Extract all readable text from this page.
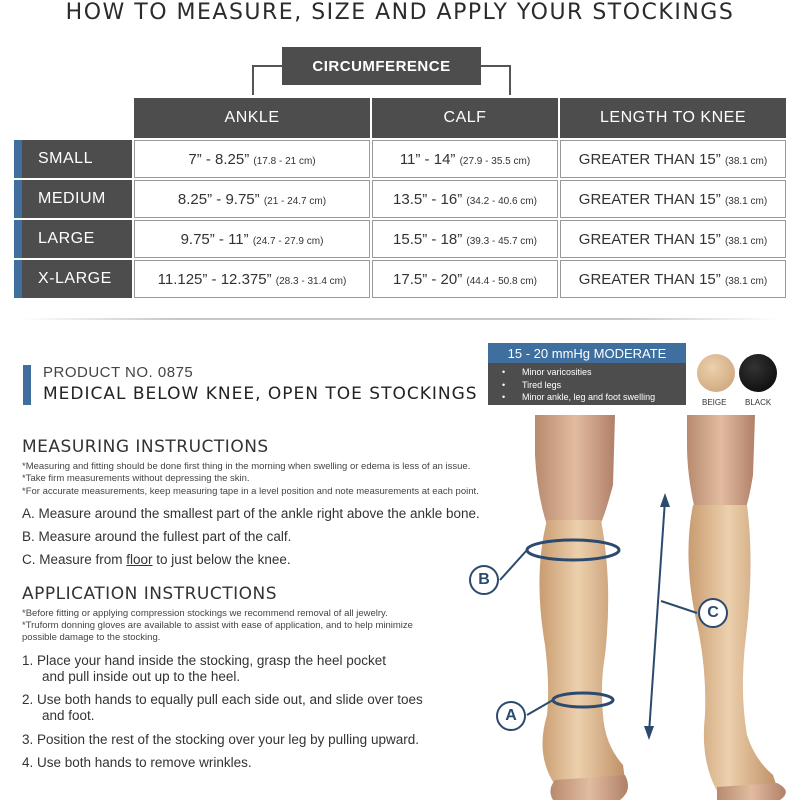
HOW TO MEASURE, SIZE AND APPLY YOUR STOCKINGS
CIRCUMFERENCE
	ANKLE	CALF	LENGTH TO KNEE

SMALL	7” - 8.25” (17.8 - 21 cm)	11” - 14” (27.9 - 35.5 cm)	GREATER THAN 15” (38.1 cm)

MEDIUM	8.25” - 9.75” (21 - 24.7 cm)	13.5” - 16” (34.2 - 40.6 cm)	GREATER THAN 15” (38.1 cm)

LARGE	9.75” - 11” (24.7 - 27.9 cm)	15.5” - 18” (39.3 - 45.7 cm)	GREATER THAN 15” (38.1 cm)

X-LARGE	11.125” - 12.375” (28.3 - 31.4 cm)	17.5” - 20” (44.4 - 50.8 cm)	GREATER THAN 15” (38.1 cm)
PRODUCT NO. 0875
MEDICAL BELOW KNEE, OPEN TOE STOCKINGS
15 - 20 mmHg MODERATE
• Minor varicosities
• Tired legs
• Minor ankle, leg and foot swelling
BEIGE BLACK
MEASURING INSTRUCTIONS
*Measuring and fitting should be done first thing in the morning when swelling or edema is less of an issue.
*Take firm measurements without depressing the skin.
*For accurate measurements, keep measuring tape in a level position and note measurements at each point.
A. Measure around the smallest part of the ankle right above the ankle bone.
B. Measure around the fullest part of the calf.
C. Measure from floor to just below the knee.
APPLICATION INSTRUCTIONS
*Before fitting or applying compression stockings we recommend removal of all jewelry.
*Truform donning gloves are available to assist with ease of application, and to help minimize
possible damage to the stocking.
1. Place your hand inside the stocking, grasp the heel pocket
and pull inside out up to the heel.
2. Use both hands to equally pull each side out, and slide over toes
and foot.
3. Position the rest of the stocking over your leg by pulling upward.
4. Use both hands to remove wrinkles.
B
A
C
